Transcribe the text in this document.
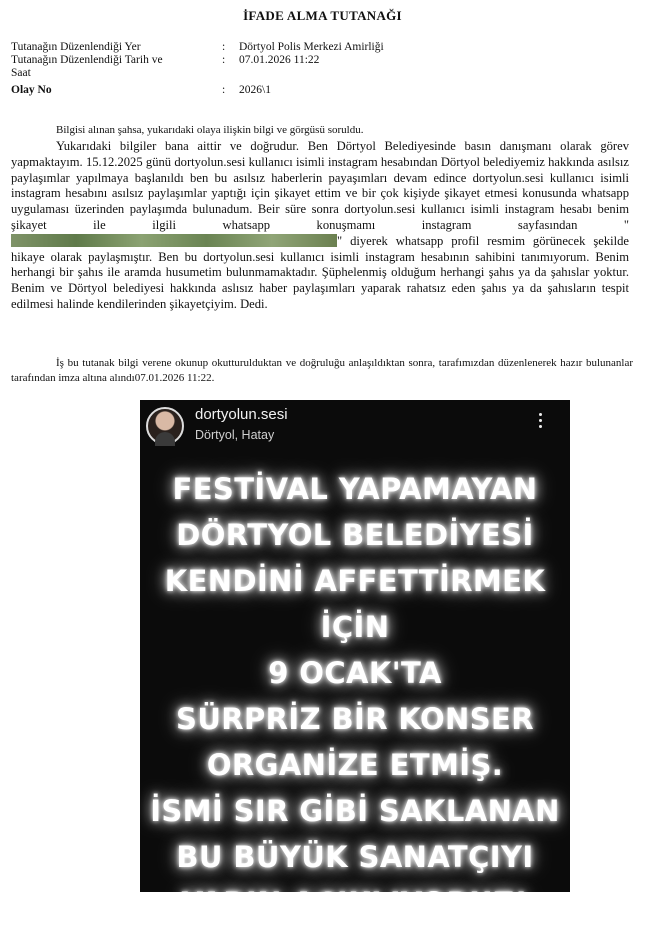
İFADE ALMA TUTANAĞI
Tutanağın Düzenlendiği Yer	: Dörtyol Polis Merkezi Amirliği
Tutanağın Düzenlendiği Tarih ve	: 07.01.2026 11:22
Saat
Olay No	: 2026\1
Bilgisi alınan şahsa, yukarıdaki olaya ilişkin bilgi ve görgüsü soruldu.

Yukarıdaki bilgiler bana aittir ve doğrudur. Ben Dörtyol Belediyesinde basın danışmanı olarak görev yapmaktayım. 15.12.2025 günü dortyolun.sesi kullanıcı isimli instagram hesabından Dörtyol belediyemiz hakkında asılsız paylaşımlar yapılmaya başlanıldı ben bu asılsız haberlerin payaşımları devam edince dortyolun.sesi kullanıcı isimli instagram hesabını asılsız paylaşımlar yaptığı için şikayet ettim ve bir çok kişiyde şikayet etmesi konusunda whatsapp uygulaması üzerinden paylaşımda bulunadum. Beir süre sonra dortyolun.sesi kullanıcı isimli instagram hesabı benim şikayet ile ilgili whatsapp konuşmamı instagram sayfasından "" diyerek whatsapp profil resmim görünecek şekilde hikaye olarak paylaşmıştır. Ben bu dortyolun.sesi kullanıcı isimli instagram hesabının sahibini tanımıyorum. Benim herhangi bir şahıs ile aramda husumetim bulunmamaktadır. Şüphelenmiş olduğum herhangi şahıs ya da şahıslar yoktur. Benim ve Dörtyol belediyesi hakkında aslısız haber paylaşımları yaparak rahatsız eden şahıs ya da şahısların tespit edilmesi halinde kendilerinden şikayetçiyim. Dedi.

İş bu tutanak bilgi verene okunup okutturulduktan ve doğruluğu anlaşıldıktan sonra, tarafımızdan düzenlenerek hazır bulunanlar tarafından imza altına alındı07.01.2026 11:22.
dortyolun.sesi
Dörtyol, Hatay
FESTİVAL YAPAMAYAN
DÖRTYOL BELEDİYESİ
KENDİNİ AFFETTİRMEK İÇİN
9 OCAK'TA
SÜRPRİZ BİR KONSER
ORGANİZE ETMİŞ.
İSMİ SIR GİBİ SAKLANAN
BU BÜYÜK SANATÇIYI
YARIN AÇIKLIYORUZ!
